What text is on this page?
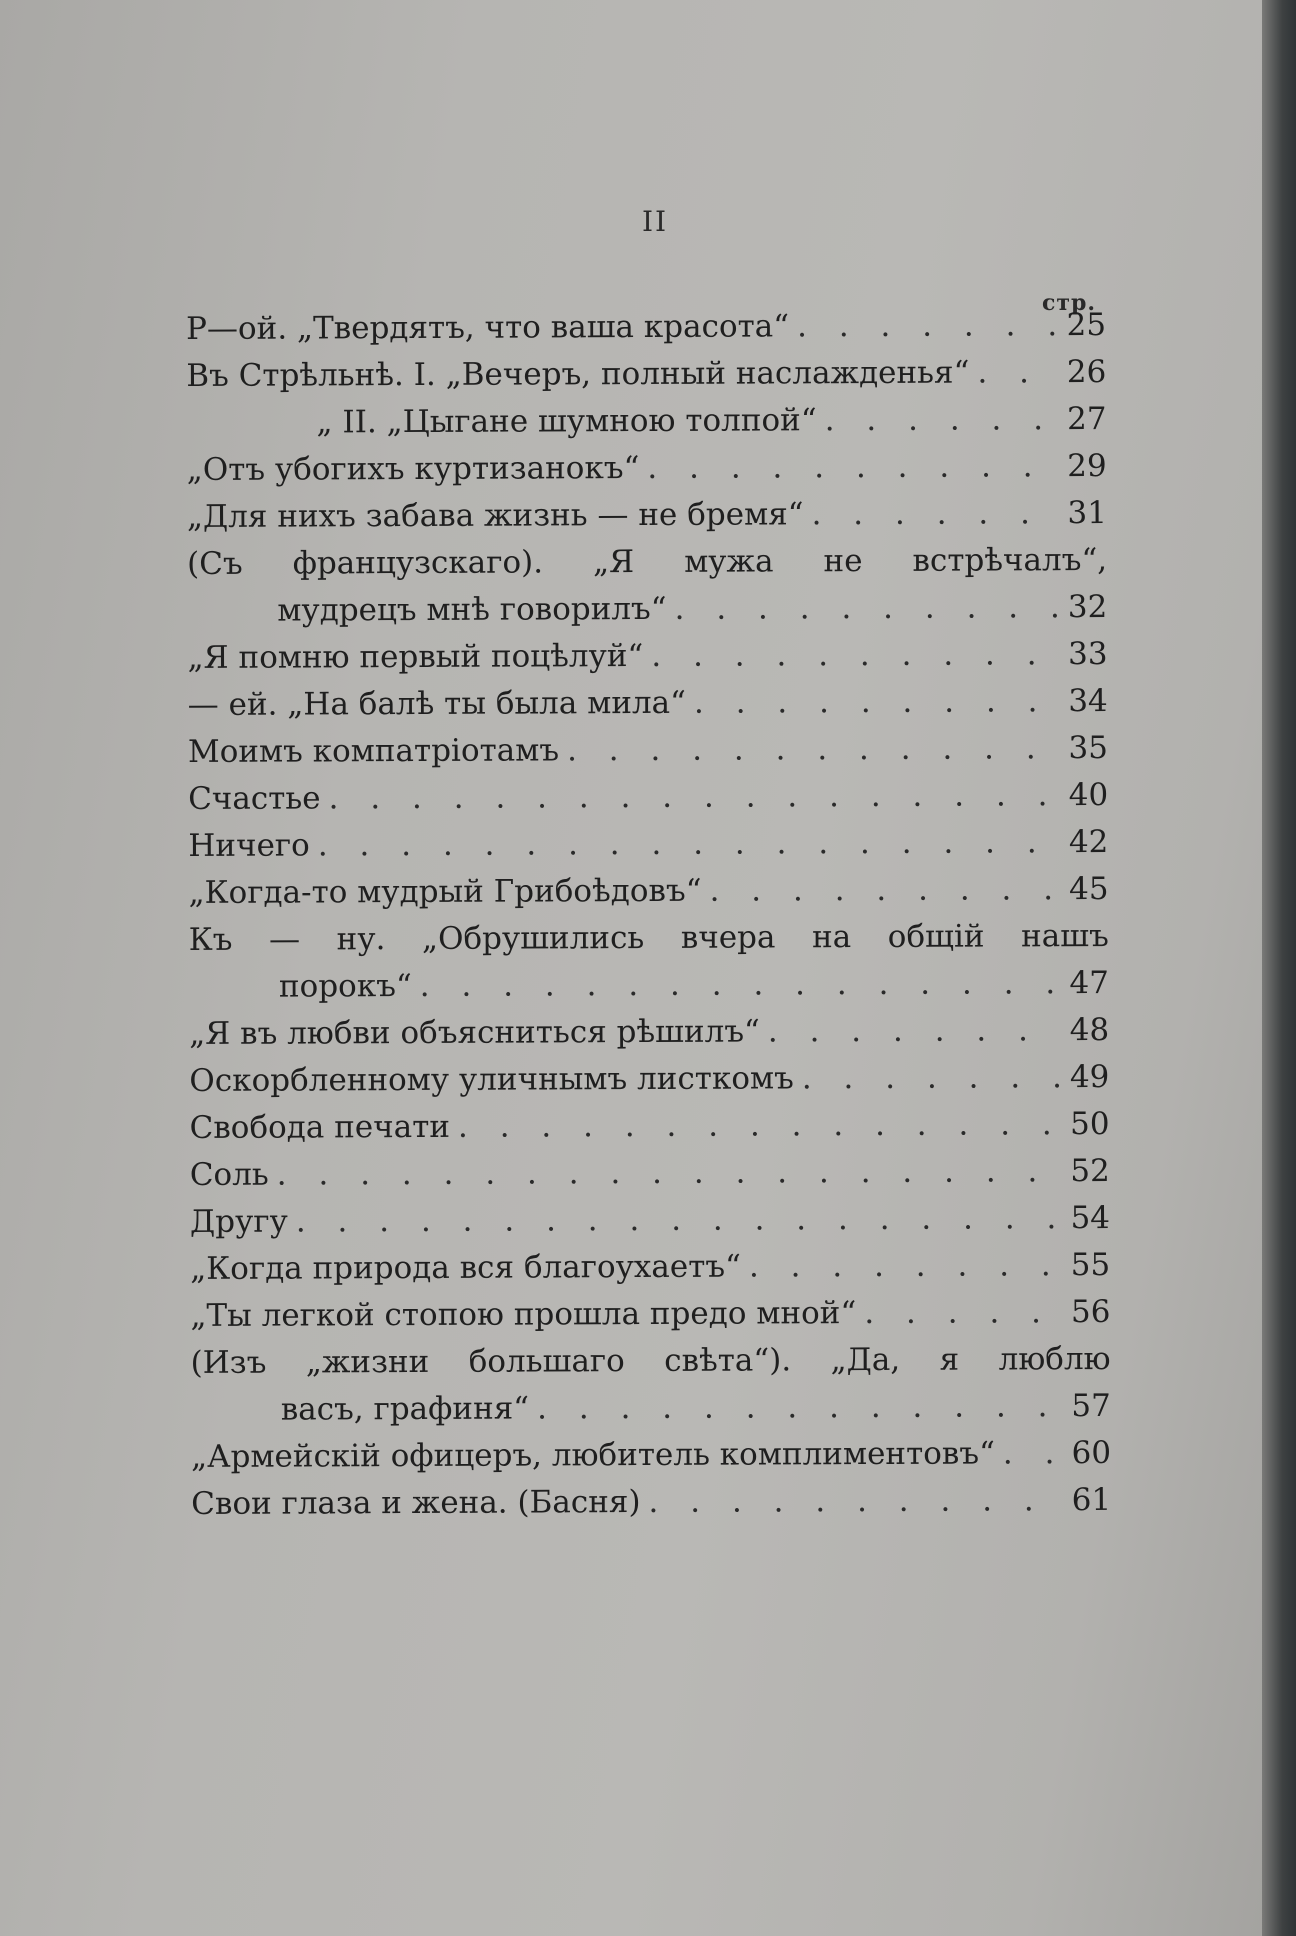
II
стр.
Р—ой. „Твердятъ, что ваша красота“ . . .	25
Въ Стрѣльнѣ. I. „Вечеръ, полный наслажденья“ . . .	26
„ II. „Цыгане шумною толпой“ . . .	27
„Отъ убогихъ куртизанокъ“ . . .	29
„Для нихъ забава жизнь — не бремя“ . . .	31
(Съ французскаго). „Я мужа не встрѣчалъ“,
мудрецъ мнѣ говорилъ“ . . .	32
„Я помню первый поцѣлуй“ . . .	33
— ей. „На балѣ ты была мила“ . . .	34
Моимъ компатріотамъ . . .	35
Счастье . . .	40
Ничего . . .	42
„Когда-то мудрый Грибоѣдовъ“ . . .	45
Къ — ну. „Обрушились вчера на общій нашъ
порокъ“ . . .	47
„Я въ любви объясниться рѣшилъ“ . . .	48
Оскорбленному уличнымъ листкомъ . . .	49
Свобода печати . . .	50
Соль . . .	52
Другу . . .	54
„Когда природа вся благоухаетъ“ . . .	55
„Ты легкой стопою прошла предо мной“ . . .	56
(Изъ „жизни большаго свѣта“). „Да, я люблю
васъ, графиня“ . . .	57
„Армейскій офицеръ, любитель комплиментовъ“ . . . 60
Свои глаза и жена. (Басня) . . .	61
